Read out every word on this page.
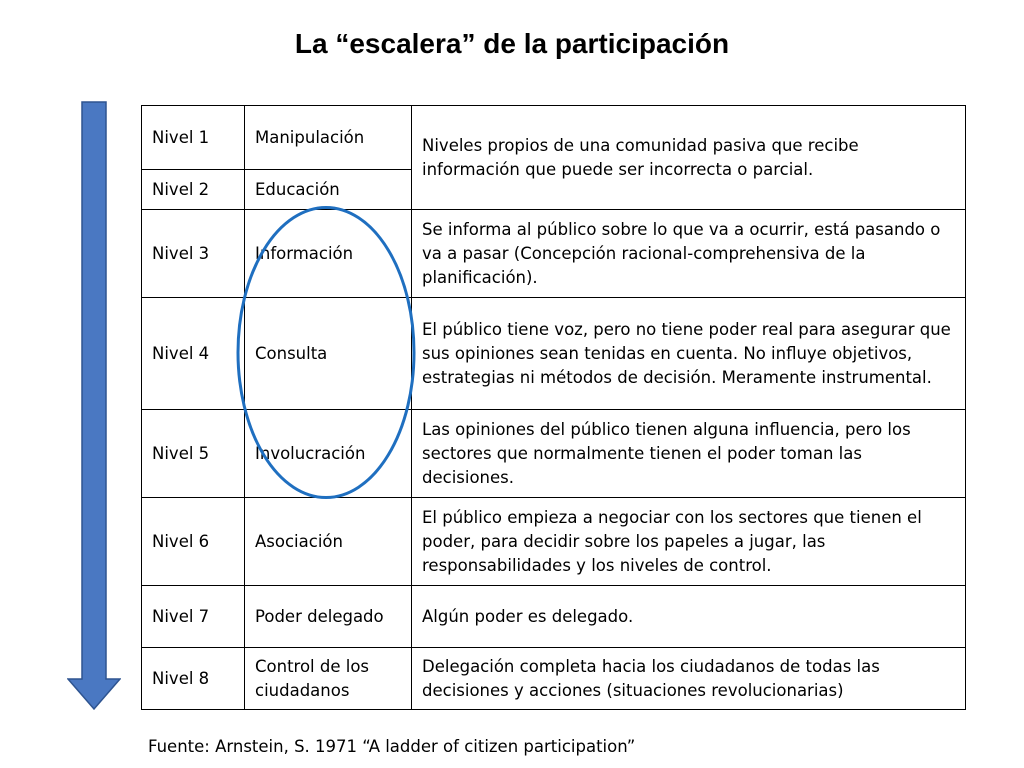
La “escalera” de la participación
Nivel 1	Manipulación	Niveles propios de una comunidad pasiva que recibe información que puede ser incorrecta o parcial.
Nivel 2	Educación	
Nivel 3	Información	Se informa al público sobre lo que va a ocurrir, está pasando o va a pasar (Concepción racional-comprehensiva de la planificación).
Nivel 4	Consulta	El público tiene voz, pero no tiene poder real para asegurar que sus opiniones sean tenidas en cuenta. No influye objetivos, estrategias ni métodos de decisión. Meramente instrumental.
Nivel 5	Involucración	Las opiniones del público tienen alguna influencia, pero los sectores que normalmente tienen el poder toman las decisiones.
Nivel 6	Asociación	El público empieza a negociar con los sectores que tienen el poder, para decidir sobre los papeles a jugar, las responsabilidades y los niveles de control.
Nivel 7	Poder delegado	Algún poder es delegado.
Nivel 8	Control de los ciudadanos	Delegación completa hacia los ciudadanos de todas las decisiones y acciones (situaciones revolucionarias)
Fuente: Arnstein, S. 1971 “A ladder of citizen participation”
